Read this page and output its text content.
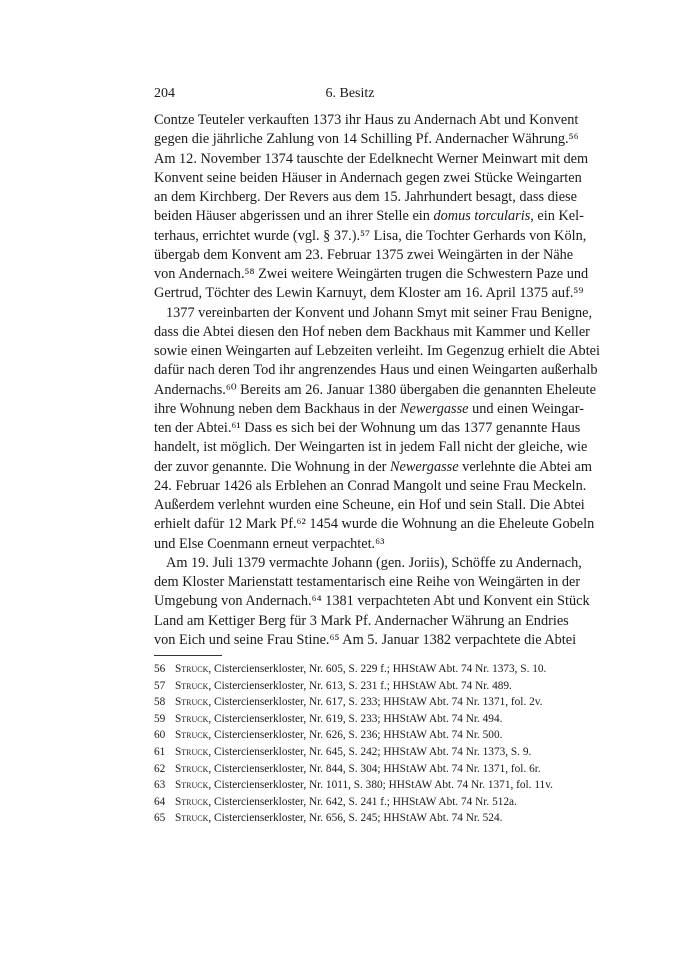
204	6. Besitz
Contze Teuteler verkauften 1373 ihr Haus zu Andernach Abt und Konvent
gegen die jährliche Zahlung von 14 Schilling Pf. Andernacher Währung.⁵⁶
Am 12. November 1374 tauschte der Edelknecht Werner Meinwart mit dem
Konvent seine beiden Häuser in Andernach gegen zwei Stücke Weingarten
an dem Kirchberg. Der Revers aus dem 15. Jahrhundert besagt, dass diese
beiden Häuser abgerissen und an ihrer Stelle ein domus torcularis, ein Kel-
terhaus, errichtet wurde (vgl. § 37.).⁵⁷ Lisa, die Tochter Gerhards von Köln,
übergab dem Konvent am 23. Februar 1375 zwei Weingärten in der Nähe
von Andernach.⁵⁸ Zwei weitere Weingärten trugen die Schwestern Paze und
Gertrud, Töchter des Lewin Karnuyt, dem Kloster am 16. April 1375 auf.⁵⁹
1377 vereinbarten der Konvent und Johann Smyt mit seiner Frau Benigne,
dass die Abtei diesen den Hof neben dem Backhaus mit Kammer und Keller
sowie einen Weingarten auf Lebzeiten verleiht. Im Gegenzug erhielt die Abtei
dafür nach deren Tod ihr angrenzendes Haus und einen Weingarten außerhalb
Andernachs.⁶⁰ Bereits am 26. Januar 1380 übergaben die genannten Eheleute
ihre Wohnung neben dem Backhaus in der Newergasse und einen Weingar-
ten der Abtei.⁶¹ Dass es sich bei der Wohnung um das 1377 genannte Haus
handelt, ist möglich. Der Weingarten ist in jedem Fall nicht der gleiche, wie
der zuvor genannte. Die Wohnung in der Newergasse verlehnte die Abtei am
24. Februar 1426 als Erblehen an Conrad Mangolt und seine Frau Meckeln.
Außerdem verlehnt wurden eine Scheune, ein Hof und sein Stall. Die Abtei
erhielt dafür 12 Mark Pf.⁶² 1454 wurde die Wohnung an die Eheleute Gobeln
und Else Coenmann erneut verpachtet.⁶³
Am 19. Juli 1379 vermachte Johann (gen. Joriis), Schöffe zu Andernach,
dem Kloster Marienstatt testamentarisch eine Reihe von Weingärten in der
Umgebung von Andernach.⁶⁴ 1381 verpachteten Abt und Konvent ein Stück
Land am Kettiger Berg für 3 Mark Pf. Andernacher Währung an Endries
von Eich und seine Frau Stine.⁶⁵ Am 5. Januar 1382 verpachtete die Abtei
56 Struck, Cistercienserkloster, Nr. 605, S. 229 f.; HHStAW Abt. 74 Nr. 1373, S. 10.
57 Struck, Cistercienserkloster, Nr. 613, S. 231 f.; HHStAW Abt. 74 Nr. 489.
58 Struck, Cistercienserkloster, Nr. 617, S. 233; HHStAW Abt. 74 Nr. 1371, fol. 2v.
59 Struck, Cistercienserkloster, Nr. 619, S. 233; HHStAW Abt. 74 Nr. 494.
60 Struck, Cistercienserkloster, Nr. 626, S. 236; HHStAW Abt. 74 Nr. 500.
61 Struck, Cistercienserkloster, Nr. 645, S. 242; HHStAW Abt. 74 Nr. 1373, S. 9.
62 Struck, Cistercienserkloster, Nr. 844, S. 304; HHStAW Abt. 74 Nr. 1371, fol. 6r.
63 Struck, Cistercienserkloster, Nr. 1011, S. 380; HHStAW Abt. 74 Nr. 1371, fol. 11v.
64 Struck, Cistercienserkloster, Nr. 642, S. 241 f.; HHStAW Abt. 74 Nr. 512a.
65 Struck, Cistercienserkloster, Nr. 656, S. 245; HHStAW Abt. 74 Nr. 524.
